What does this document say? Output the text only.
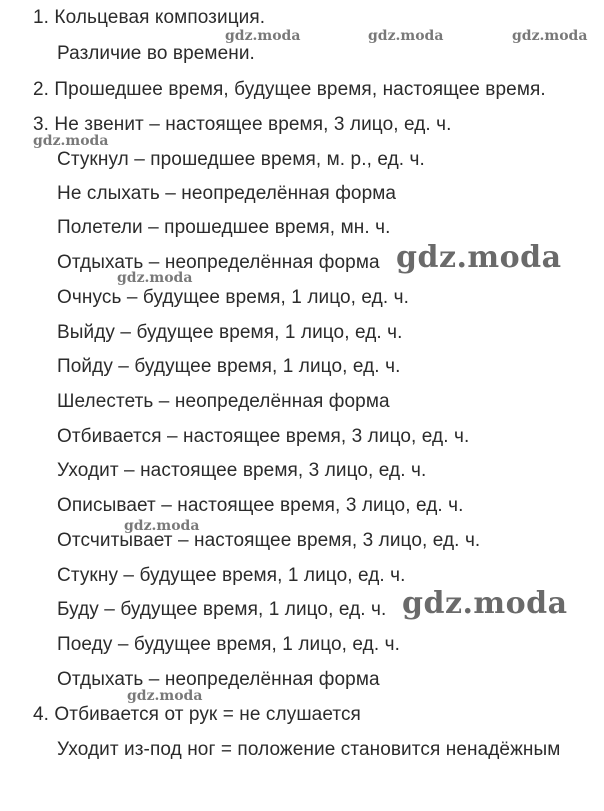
1. Кольцевая композиция.
Различие во времени.
2. Прошедшее время, будущее время, настоящее время.
3. Не звенит – настоящее время, 3 лицо, ед. ч.
Стукнул – прошедшее время, м. р., ед. ч.
Не слыхать – неопределённая форма
Полетели – прошедшее время, мн. ч.
Отдыхать – неопределённая форма
Очнусь – будущее время, 1 лицо, ед. ч.
Выйду – будущее время, 1 лицо, ед. ч.
Пойду – будущее время, 1 лицо, ед. ч.
Шелестеть – неопределённая форма
Отбивается – настоящее время, 3 лицо, ед. ч.
Уходит – настоящее время, 3 лицо, ед. ч.
Описывает – настоящее время, 3 лицо, ед. ч.
Отсчитывает – настоящее время, 3 лицо, ед. ч.
Стукну – будущее время, 1 лицо, ед. ч.
Буду – будущее время, 1 лицо, ед. ч.
Поеду – будущее время, 1 лицо, ед. ч.
Отдыхать – неопределённая форма
4. Отбивается от рук = не слушается
Уходит из-под ног = положение становится ненадёжным
gdz.moda	gdz.moda	gdz.moda
gdz.moda
gdz.moda
gdz.moda
gdz.moda
gdz.moda
gdz.moda
